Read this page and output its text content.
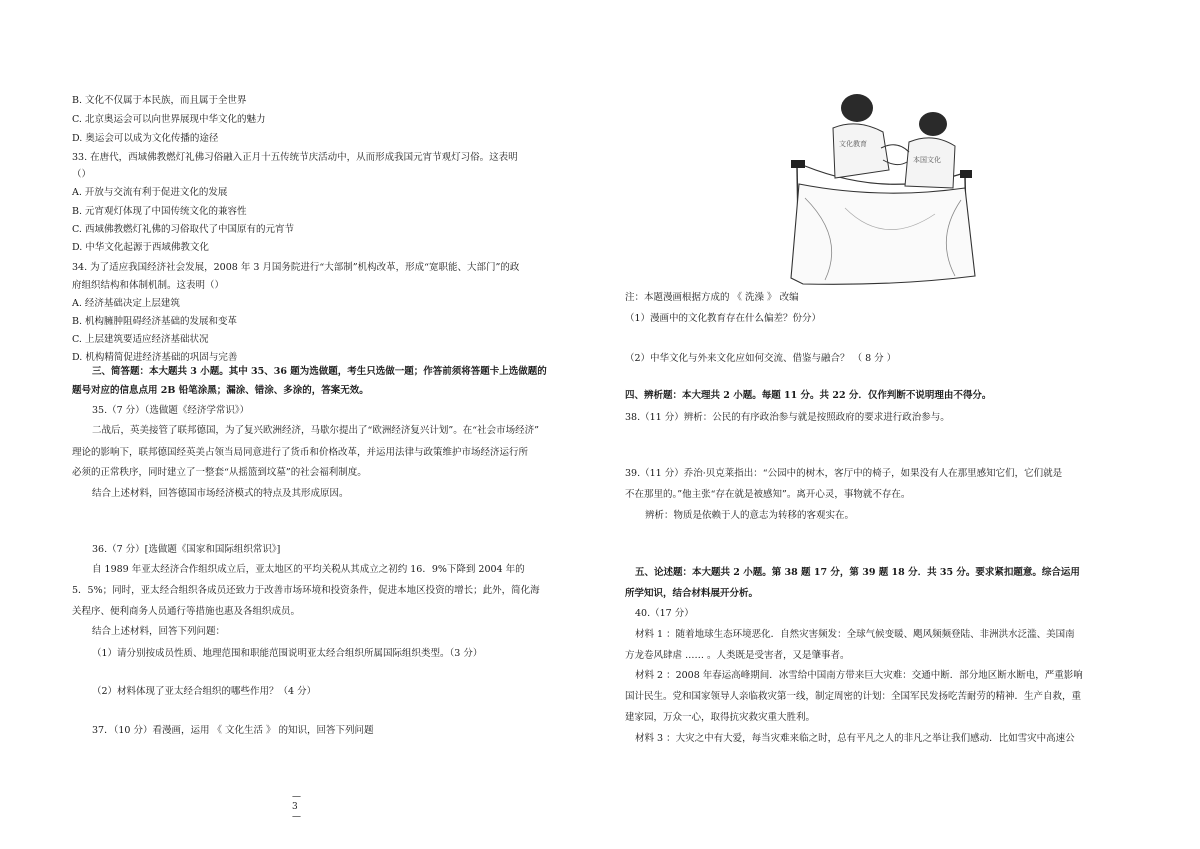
B. 文化不仅属于本民族，而且属于全世界
C. 北京奥运会可以向世界展现中华文化的魅力
D. 奥运会可以成为文化传播的途径
33. 在唐代，西域佛教燃灯礼佛习俗融入正月十五传统节庆活动中，从而形成我国元宵节观灯习俗。这表明
（）
A. 开放与交流有利于促进文化的发展
B. 元宵观灯体现了中国传统文化的兼容性
C. 西域佛教燃灯礼佛的习俗取代了中国原有的元宵节
D. 中华文化起源于西域佛教文化
34. 为了适应我国经济社会发展，2008 年 3 月国务院进行“大部制”机构改革，形成“宽职能、大部门”的政
府组织结构和体制机制。这表明（）
A. 经济基础决定上层建筑
B. 机构臃肿阻碍经济基础的发展和变革
C. 上层建筑要适应经济基础状况
D. 机构精简促进经济基础的巩固与完善
三、简答题：本大题共 3 小题。其中 35、36 题为选做题，考生只选做一题；作答前须将答题卡上选做题的
题号对应的信息点用 2B 铅笔涂黑；漏涂、错涂、多涂的，答案无效。
35.（7 分）（选做题《经济学常识》）
二战后，英美接管了联邦德国，为了复兴欧洲经济，马歇尔提出了“欧洲经济复兴计划”。在“社会市场经济”
理论的影响下，联邦德国经英美占领当局同意进行了货币和价格改革，并运用法律与政策维护市场经济运行所
必须的正常秩序，同时建立了一整套“从摇篮到坟墓”的社会福利制度。
结合上述材料，回答德国市场经济模式的特点及其形成原因。
36.（7 分）[选做题《国家和国际组织常识》]
自 1989 年亚太经济合作组织成立后，亚太地区的平均关税从其成立之初约 16．9%下降到 2004 年的
5．5%；同时，亚太经合组织各成员还致力于改善市场环境和投资条件，促进本地区投资的增长；此外，简化海
关程序、便利商务人员通行等措施也惠及各组织成员。
结合上述材料，回答下列问题：
（1）请分别按成员性质、地理范围和职能范围说明亚太经合组织所属国际组织类型。（3 分）
（2）材料体现了亚太经合组织的哪些作用？（4 分）
37．（10 分）看漫画，运用 《 文化生活 》 的知识，回答下列问题
—3—
文化教育
本国文化
注：本题漫画根据方成的 《 洗澡 》 改编
（1）漫画中的文化教育存在什么偏差？份分）
（2）中华文化与外来文化应如何交流、借鉴与融合？ （ 8 分 ）
四、辨析题：本大理共 2 小题。每题 11 分。共 22 分．仅作判断不说明理由不得分。
38.（11 分）辨析：公民的有序政治参与就是按照政府的要求进行政治参与。
39.（11 分）乔治·贝克莱指出：“公园中的树木，客厅中的椅子，如果没有人在那里感知它们，它们就是
不在那里的。”他主张“存在就是被感知”。离开心灵，事物就不存在。
辨析：物质是依赖于人的意志为转移的客观实在。
五、论述题：本大题共 2 小题。第 38 题 17 分，第 39 题 18 分．共 35 分。要求紧扣题意。综合运用
所学知识，结合材料展开分析。
40.（17 分）
材料 1 ：随着地球生态环境恶化．自然灾害频发：全球气候变暖、飓风频频登陆、非洲洪水泛滥、美国南
方龙卷风肆虐 …… 。人类既是受害者，又是肇事者。
材料 2 ：2008 年春运高峰期间．冰雪给中国南方带来巨大灾难：交通中断．部分地区断水断电，严重影响
国计民生。党和国家领导人亲临救灾第一线，制定周密的计划：全国军民发扬吃苦耐劳的精神．生产自救，重
建家园，万众一心，取得抗灾救灾重大胜利。
材料 3 ：大灾之中有大爱，每当灾难来临之时，总有平凡之人的非凡之举让我们感动．比如雪灾中高速公
